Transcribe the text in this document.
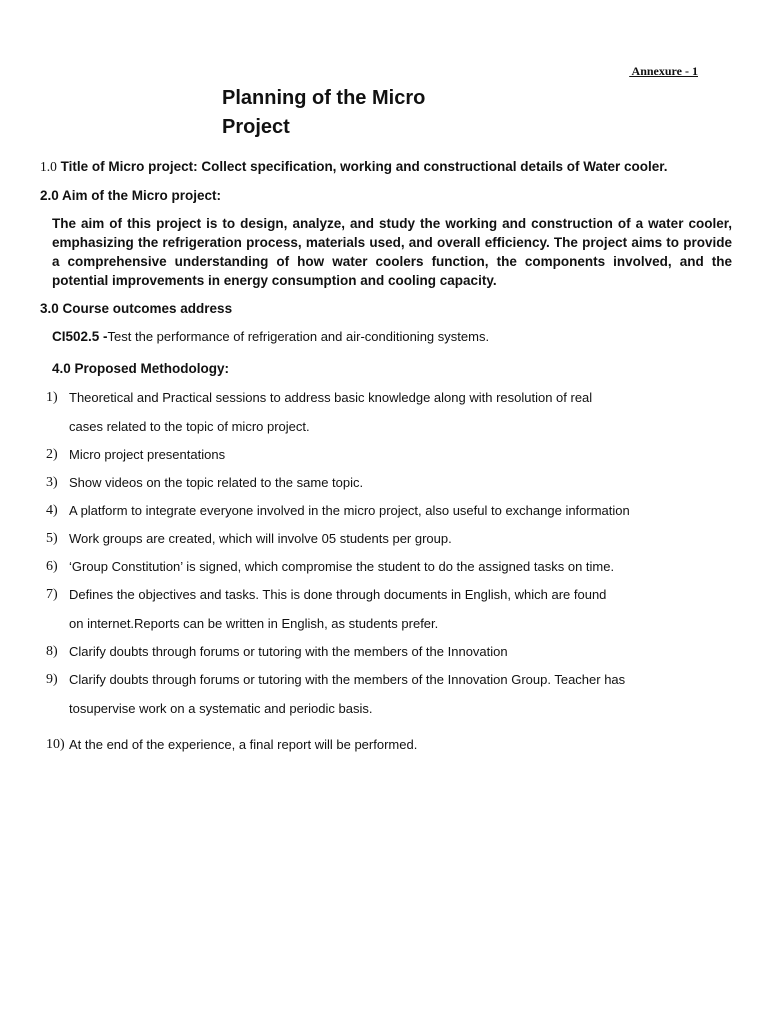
Annexure - 1
Planning of the Micro
Project
1.0 Title of Micro project: Collect specification, working and constructional details of Water cooler.
2.0 Aim of the Micro project:
The aim of this project is to design, analyze, and study the working and construction of a water cooler, emphasizing the refrigeration process, materials used, and overall efficiency. The project aims to provide a comprehensive understanding of how water coolers function, the components involved, and the potential improvements in energy consumption and cooling capacity.
3.0 Course outcomes address
CI502.5 -Test the performance of refrigeration and air-conditioning systems.
4.0 Proposed Methodology:
1) Theoretical and Practical sessions to address basic knowledge along with resolution of real
cases related to the topic of micro project.
2) Micro project presentations
3) Show videos on the topic related to the same topic.
4) A platform to integrate everyone involved in the micro project, also useful to exchange information
5) Work groups are created, which will involve 05 students per group.
6) ‘Group Constitution’ is signed, which compromise the student to do the assigned tasks on time.
7) Defines the objectives and tasks. This is done through documents in English, which are found
on internet.Reports can be written in English, as students prefer.
8) Clarify doubts through forums or tutoring with the members of the Innovation
9) Clarify doubts through forums or tutoring with the members of the Innovation Group. Teacher has
tosupervise work on a systematic and periodic basis.
10) At the end of the experience, a final report will be performed.
